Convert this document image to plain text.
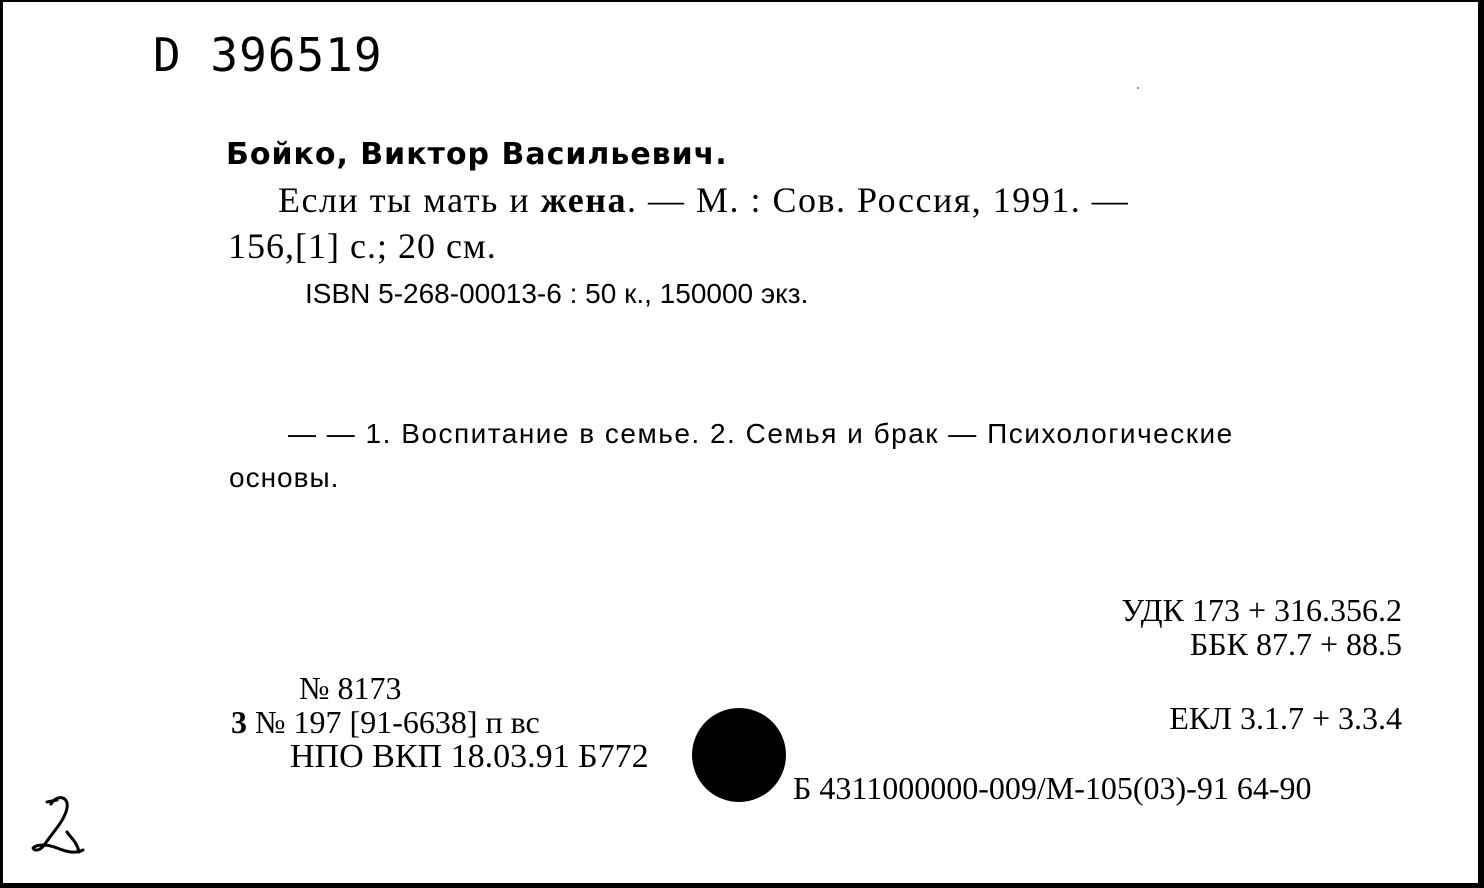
D 396519
Бойко, Виктор Васильевич.
Если ты мать и жена. — М. : Сов. Россия, 1991. —
156,[1] с.; 20 см.
ISBN 5-268-00013-6 : 50 к., 150000 экз.
— — 1. Воспитание в семье. 2. Семья и брак — Психологические
основы.
УДК 173 + 316.356.2
ББК 87.7 + 88.5
ЕКЛ 3.1.7 + 3.3.4
№ 8173
3 № 197 [91-6638] п вс
НПО ВКП 18.03.91 Б772
Б 4311000000-009/М-105(03)-91 64-90
